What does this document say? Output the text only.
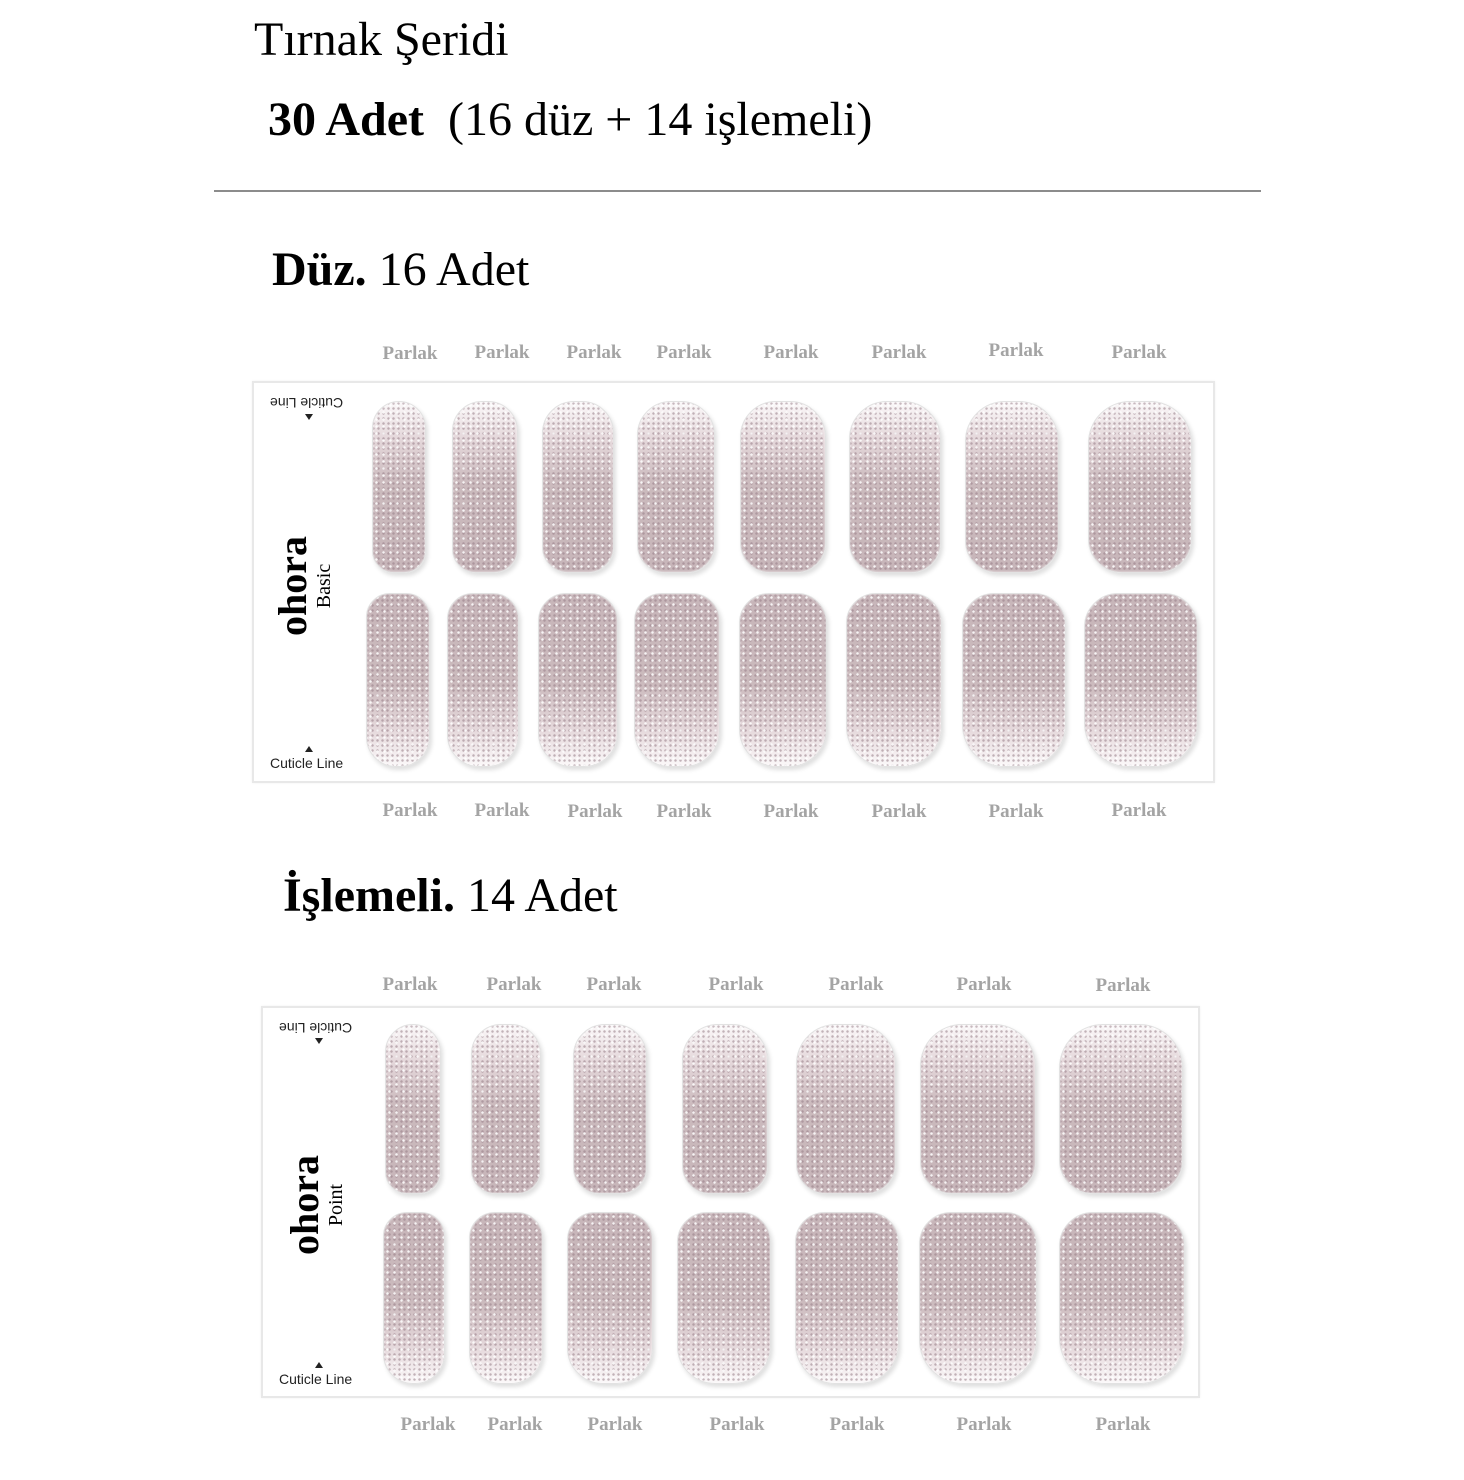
Tırnak Şeridi
30 Adet (16 düz + 14 işlemeli)
Düz. 16 Adet
Parlak Parlak Parlak Parlak	Parlak	Parlak	Parlak	Parlak
Cuticle Line
ohora
Basic
Cuticle Line
Parlak Parlak Parlak Parlak	Parlak	Parlak	Parlak	Parlak
İşlemeli. 14 Adet
Parlak	Parlak Parlak	Parlak	Parlak	Parlak	Parlak
Cuticle Line
ohora
Point
Cuticle Line
Parlak Parlak Parlak	Parlak	Parlak	Parlak	Parlak
